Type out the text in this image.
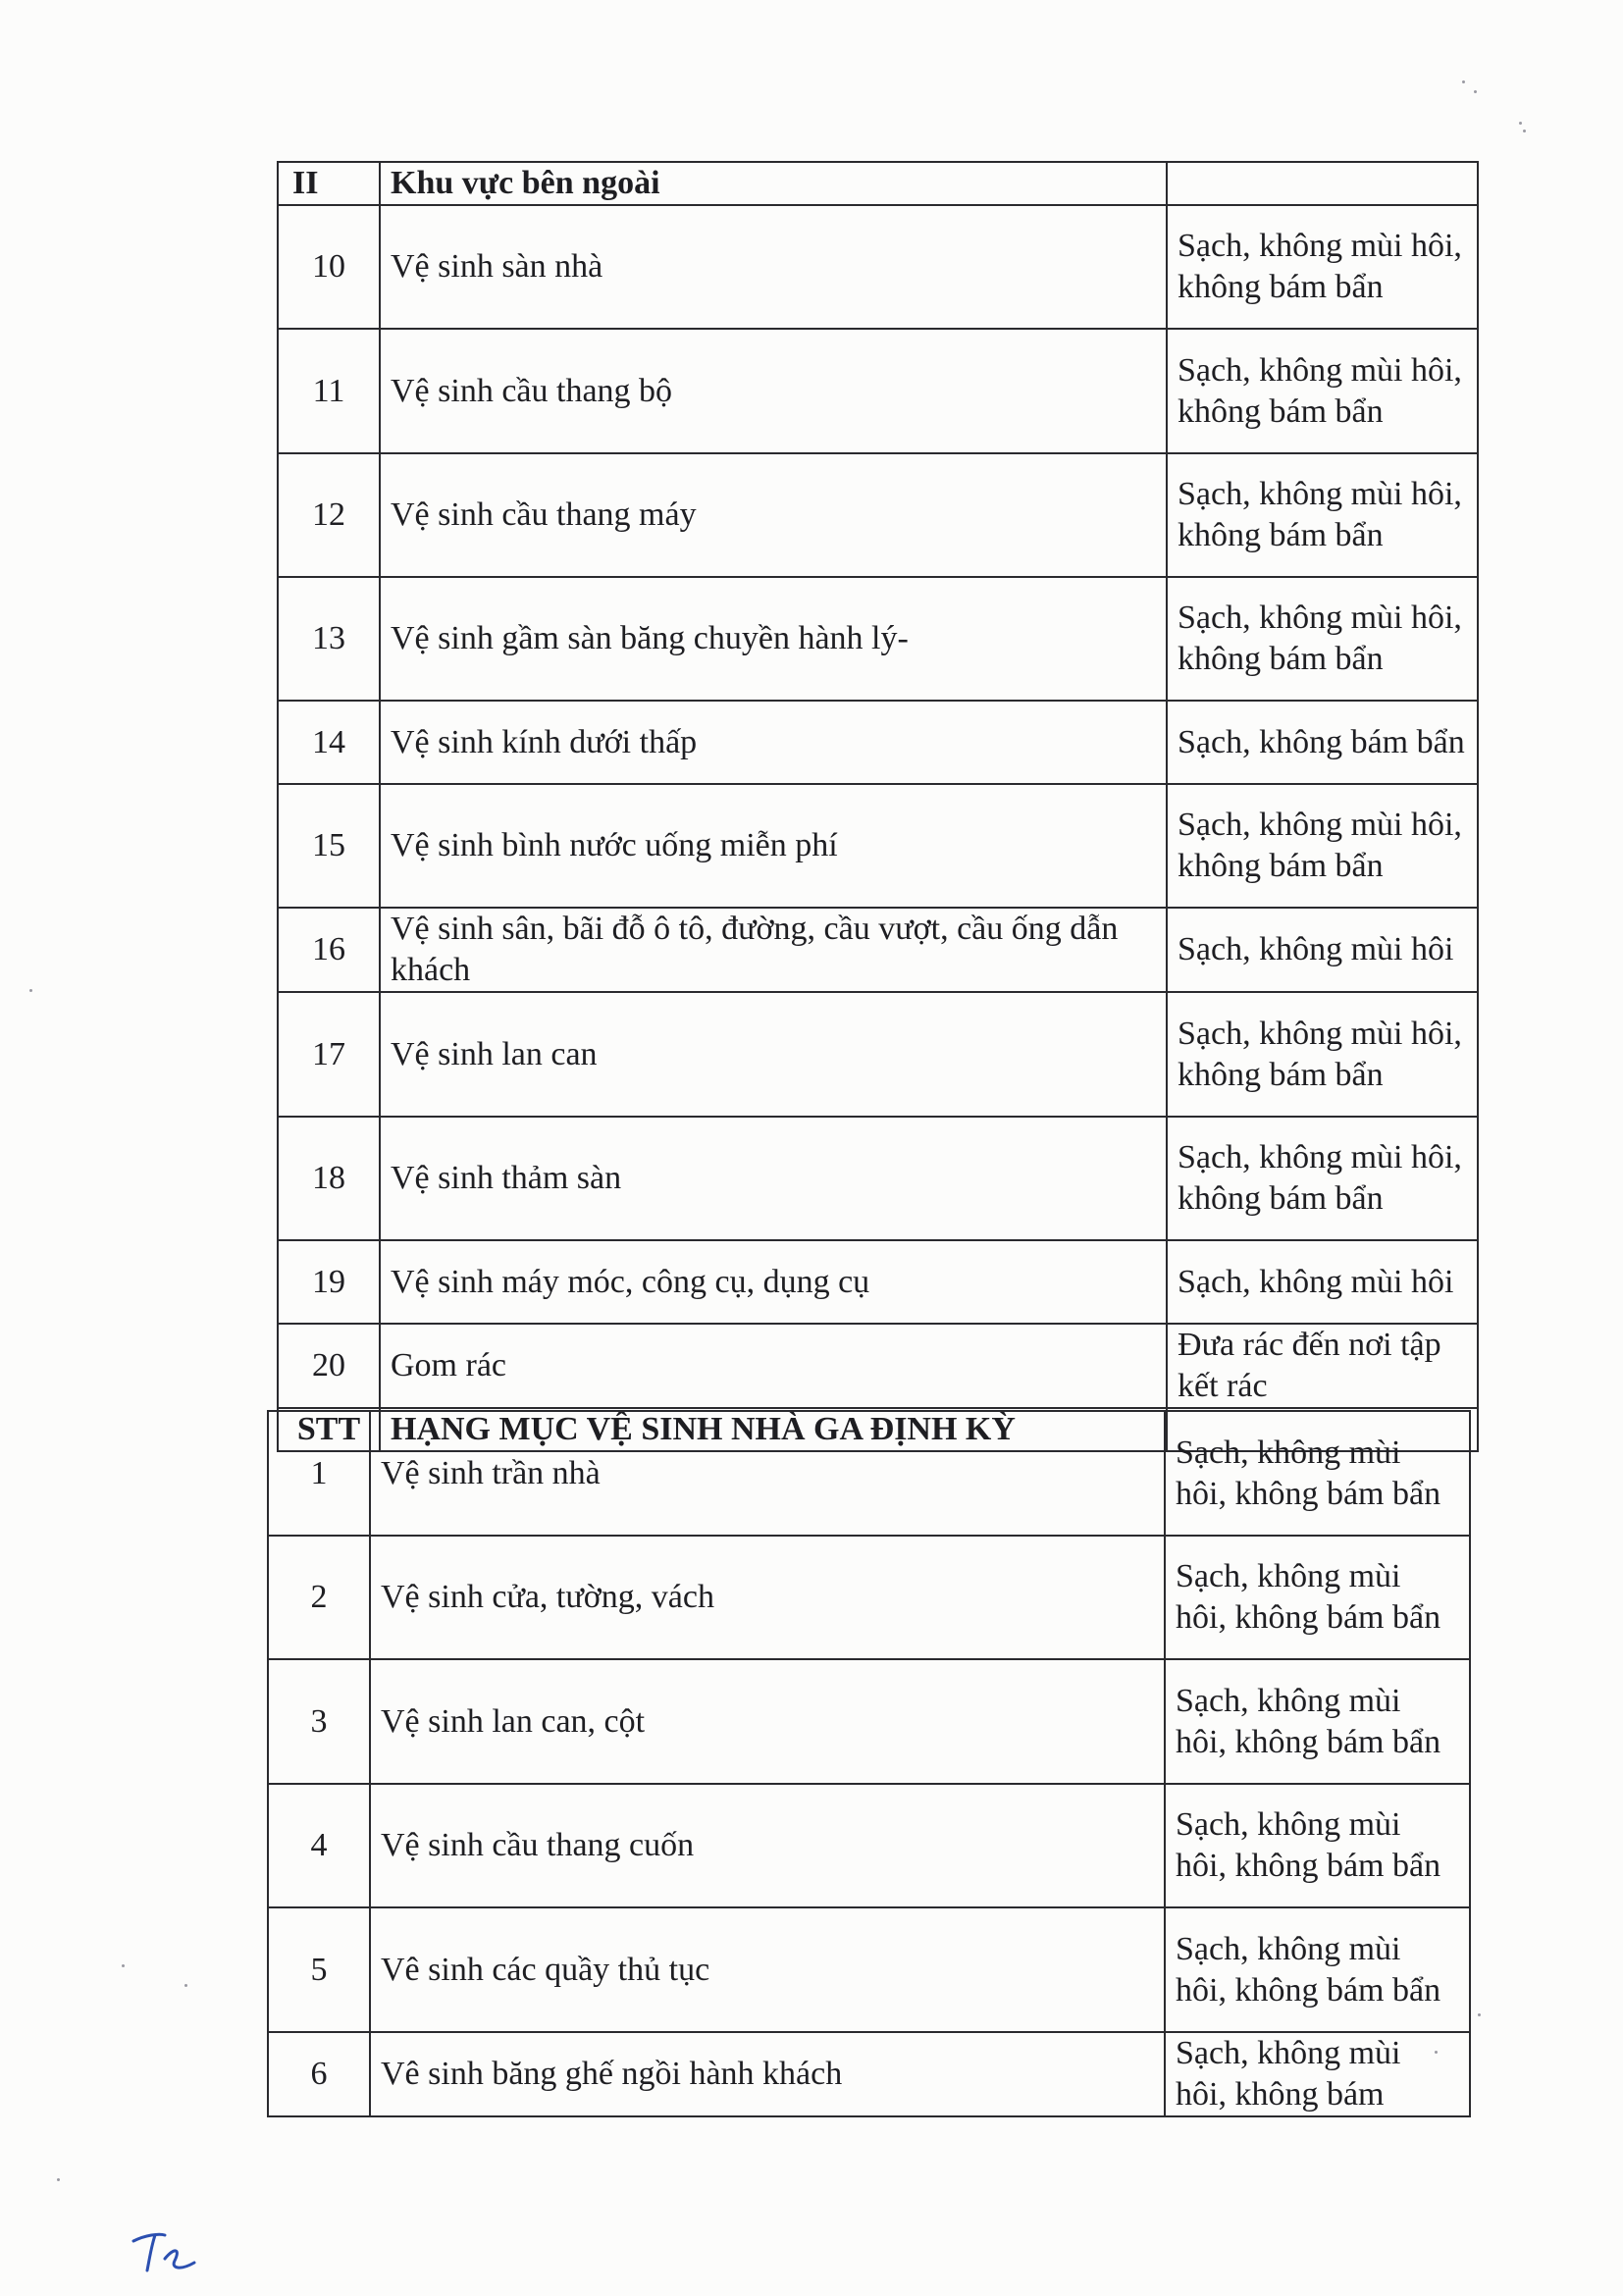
II	Khu vực bên ngoài	
10	Vệ sinh sàn nhà	Sạch, không mùi hôi, không bám bẩn
11	Vệ sinh cầu thang bộ	Sạch, không mùi hôi, không bám bẩn
12	Vệ sinh cầu thang máy	Sạch, không mùi hôi, không bám bẩn
13	Vệ sinh gầm sàn băng chuyền hành lý-	Sạch, không mùi hôi, không bám bẩn
14	Vệ sinh kính dưới thấp	Sạch, không bám bẩn
15	Vệ sinh bình nước uống miễn phí	Sạch, không mùi hôi, không bám bẩn
16	Vệ sinh sân, bãi đỗ ô tô, đường, cầu vượt, cầu ống dẫn khách	Sạch, không mùi hôi
17	Vệ sinh lan can	Sạch, không mùi hôi, không bám bẩn
18	Vệ sinh thảm sàn	Sạch, không mùi hôi, không bám bẩn
19	Vệ sinh máy móc, công cụ, dụng cụ	Sạch, không mùi hôi
20	Gom rác	Đưa rác đến nơi tập kết rác
STT	HẠNG MỤC VỆ SINH NHÀ GA ĐỊNH KỲ	
1	Vệ sinh trần nhà	Sạch, không mùi hôi, không bám bẩn
2	Vệ sinh cửa, tường, vách	Sạch, không mùi hôi, không bám bẩn
3	Vệ sinh lan can, cột	Sạch, không mùi hôi, không bám bẩn
4	Vệ sinh cầu thang cuốn	Sạch, không mùi hôi, không bám bẩn
5	Vê sinh các quầy thủ tục	Sạch, không mùi hôi, không bám bẩn
6	Vê sinh băng ghế ngồi hành khách	Sạch, không mùi hôi, không bám
